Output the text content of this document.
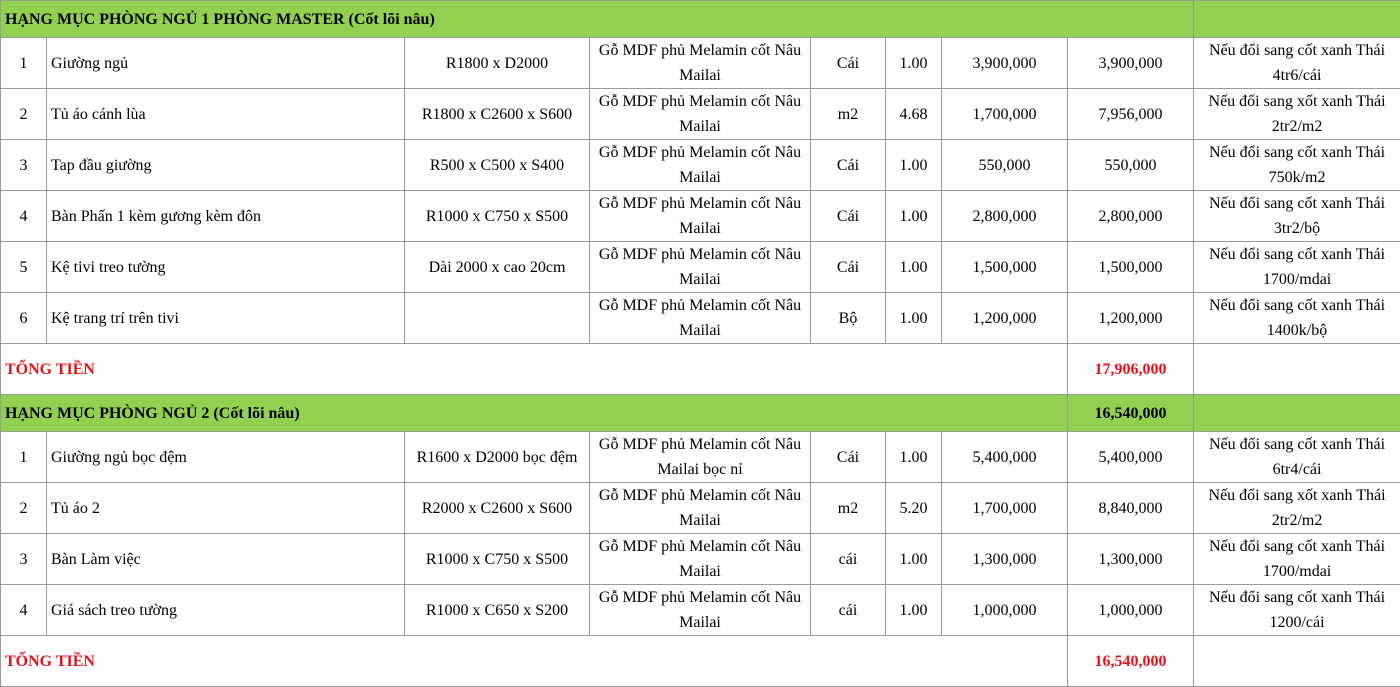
HẠNG MỤC PHÒNG NGỦ 1 PHÒNG MASTER (Cốt lõi nâu)								
1	Giường ngủ	R1800 x D2000	Gỗ MDF phủ Melamin cốt Nâu Mailai	Cái	1.00	3,900,000	3,900,000	Nếu đổi sang cốt xanh Thái 4tr6/cái
2	Tủ áo cánh lùa	R1800 x C2600 x S600	Gỗ MDF phủ Melamin cốt Nâu Mailai	m2	4.68	1,700,000	7,956,000	Nếu đổi sang xốt xanh Thái 2tr2/m2
3	Tap đầu giường	R500 x C500 x S400	Gỗ MDF phủ Melamin cốt Nâu Mailai	Cái	1.00	550,000	550,000	Nếu đổi sang cốt xanh Thái 750k/m2
4	Bàn Phấn 1 kèm gương kèm đôn	R1000 x C750 x S500	Gỗ MDF phủ Melamin cốt Nâu Mailai	Cái	1.00	2,800,000	2,800,000	Nếu đổi sang cốt xanh Thái 3tr2/bộ
5	Kệ tivi treo tường	Dài 2000 x cao 20cm	Gỗ MDF phủ Melamin cốt Nâu Mailai	Cái	1.00	1,500,000	1,500,000	Nếu đổi sang cốt xanh Thái 1700/mdai
6	Kệ trang trí trên tivi		Gỗ MDF phủ Melamin cốt Nâu Mailai	Bộ	1.00	1,200,000	1,200,000	Nếu đổi sang cốt xanh Thái 1400k/bộ
TỔNG TIỀN							17,906,000	
HẠNG MỤC PHÒNG NGỦ 2 (Cốt lõi nâu)							16,540,000	
1	Giường ngủ bọc đệm	R1600 x D2000 bọc đệm	Gỗ MDF phủ Melamin cốt Nâu Mailai bọc nỉ	Cái	1.00	5,400,000	5,400,000	Nếu đổi sang cốt xanh Thái 6tr4/cái
2	Tủ áo 2	R2000 x C2600 x S600	Gỗ MDF phủ Melamin cốt Nâu Mailai	m2	5.20	1,700,000	8,840,000	Nếu đổi sang xốt xanh Thái 2tr2/m2
3	Bàn Làm việc	R1000 x C750 x S500	Gỗ MDF phủ Melamin cốt Nâu Mailai	cái	1.00	1,300,000	1,300,000	Nếu đổi sang cốt xanh Thái 1700/mdai
4	Giá sách treo tường	R1000 x C650 x S200	Gỗ MDF phủ Melamin cốt Nâu Mailai	cái	1.00	1,000,000	1,000,000	Nếu đổi sang cốt xanh Thái 1200/cái
TỔNG TIỀN							16,540,000	
